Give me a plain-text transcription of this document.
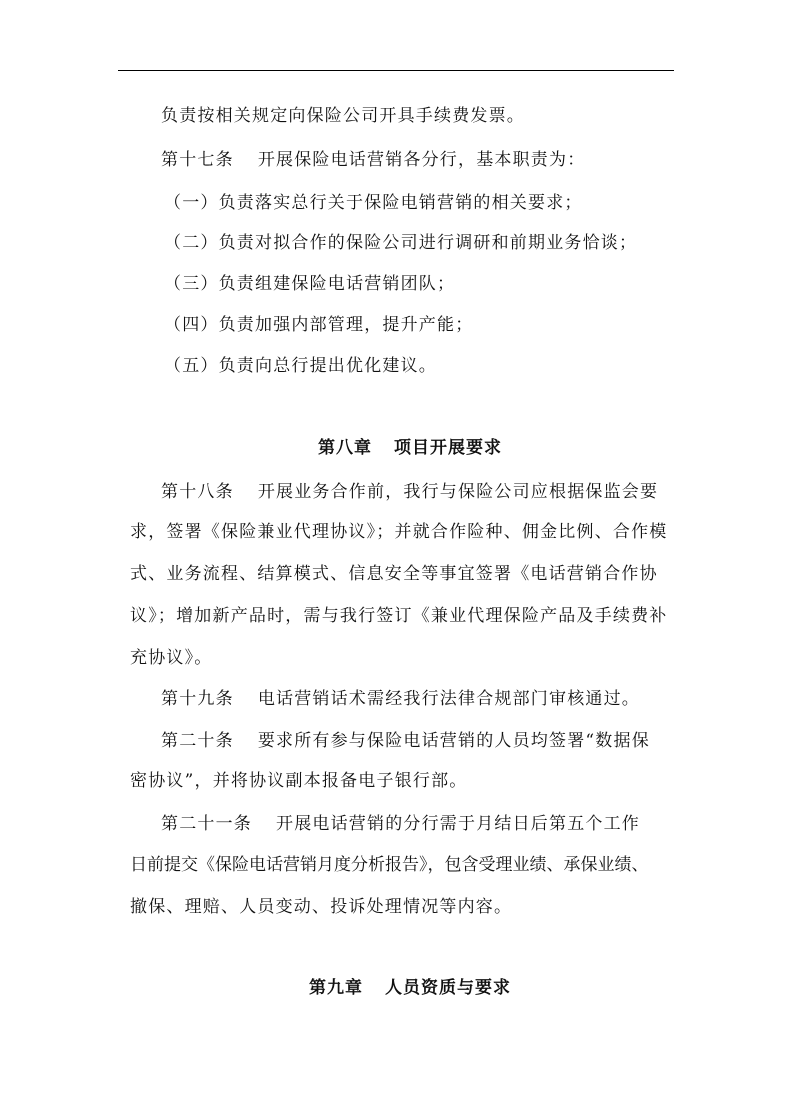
负责按相关规定向保险公司开具手续费发票。
第十七条 开展保险电话营销各分行，基本职责为：
（一）负责落实总行关于保险电销营销的相关要求；
（二）负责对拟合作的保险公司进行调研和前期业务恰谈；
（三）负责组建保险电话营销团队；
（四）负责加强内部管理，提升产能；
（五）负责向总行提出优化建议。
第八章 项目开展要求
第十八条 开展业务合作前，我行与保险公司应根据保监会要
求，签署《保险兼业代理协议》；并就合作险种、佣金比例、合作模
式、业务流程、结算模式、信息安全等事宜签署《电话营销合作协
议》；增加新产品时，需与我行签订《兼业代理保险产品及手续费补
充协议》。
第十九条 电话营销话术需经我行法律合规部门审核通过。
第二十条 要求所有参与保险电话营销的人员均签署“数据保
密协议”，并将协议副本报备电子银行部。
第二十一条 开展电话营销的分行需于月结日后第五个工作
日前提交《保险电话营销月度分析报告》，包含受理业绩、承保业绩、
撤保、理赔、人员变动、投诉处理情况等内容。
第九章 人员资质与要求
